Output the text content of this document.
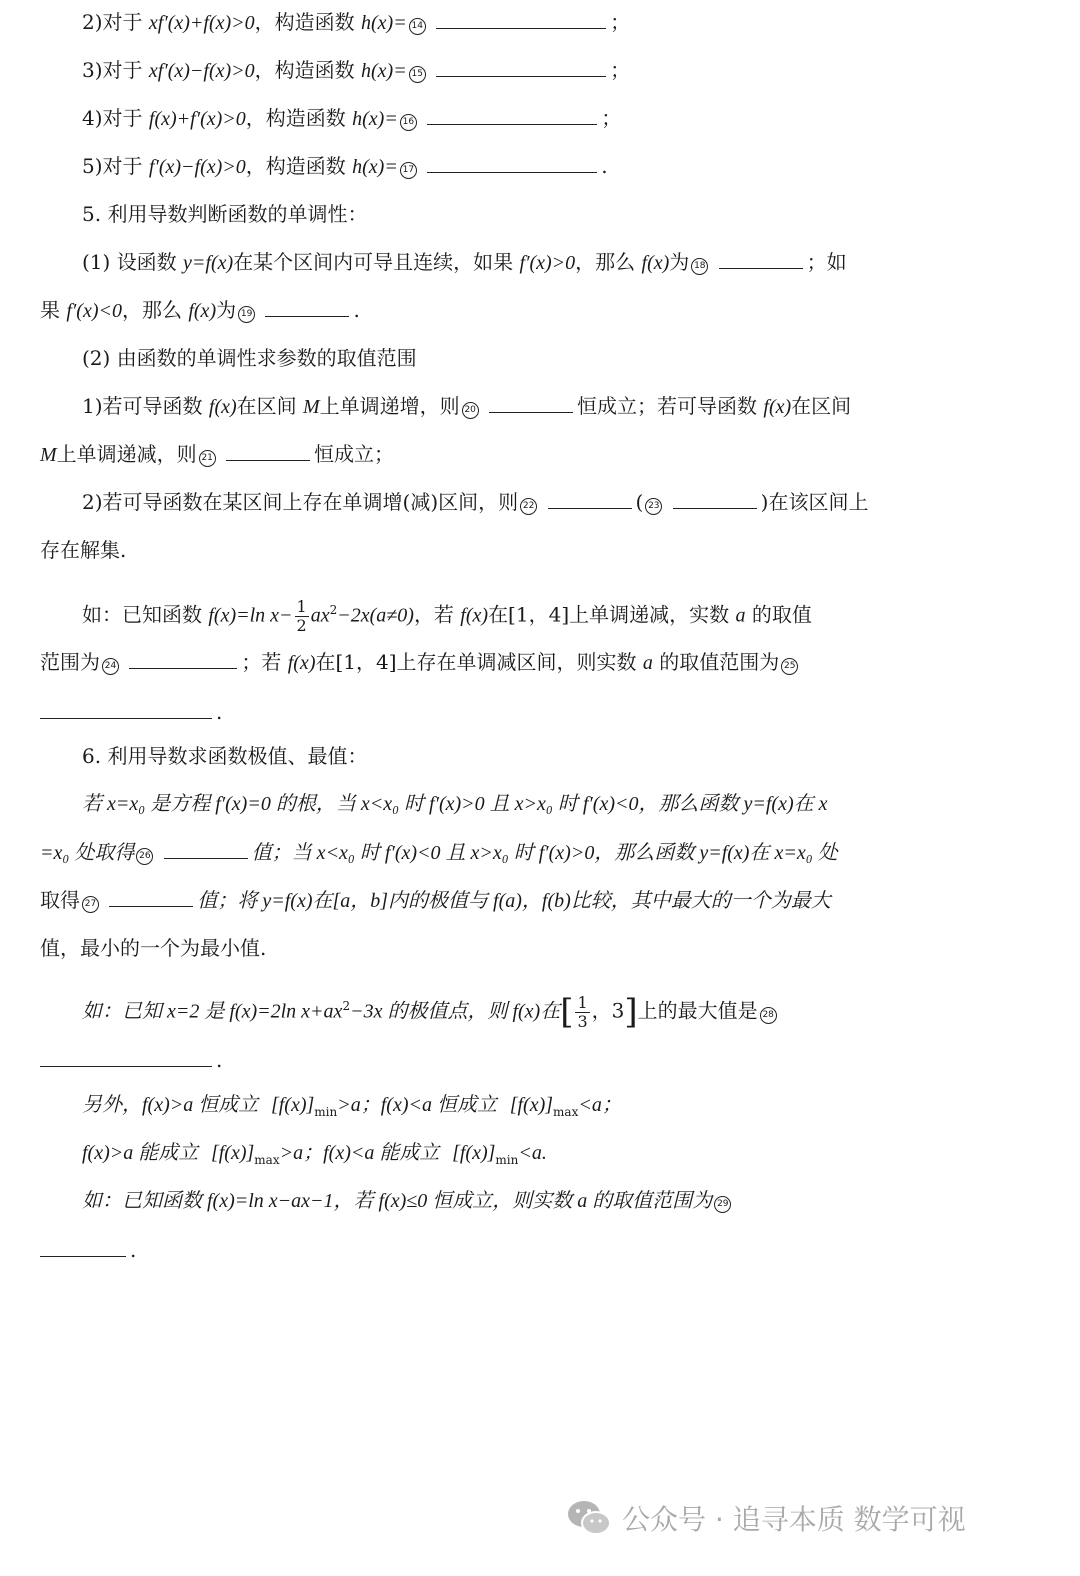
2)对于 xf′(x)+f(x)>0，构造函数 h(x)= 14	；
3)对于 xf′(x)−f(x)>0，构造函数 h(x)= 15	；
4)对于 f(x)+f′(x)>0，构造函数 h(x)= 16	；
5)对于 f′(x)−f(x)>0，构造函数 h(x)= 17	.
5. 利用导数判断函数的单调性：
(1) 设函数 y=f(x)在某个区间内可导且连续，如果 f′(x)>0，那么 f(x)为 18	；如
果 f′(x)<0，那么 f(x)为 19	.
(2) 由函数的单调性求参数的取值范围
1)若可导函数 f(x)在区间 M上单调递增，则 20	恒成立；若可导函数 f(x)在区间
M上单调递减，则 21	恒成立；
2)若可导函数在某区间上存在单调增(减)区间，则 22	( 23	)在该区间上
存在解集.
如：已知函数 f(x)=ln $x- \frac{1}{2} ax^2-2x(a\ne 0)$，若 f(x)在[1，4]上单调递减，实数 a 的取值
范围为 24	；若 f(x)在[1，4]上存在单调减区间，则实数 a 的取值范围为 25
.
6. 利用导数求函数极值、最值：
若 x=x₀ 是方程 f′(x)=0 的根，当 x<x₀ 时 f′(x)>0 且 x>x₀ 时 f′(x)<0，那么函数 y=f(x)在 x
=x₀ 处取得 26	值；当 x<x₀ 时 f′(x)<0 且 x>x₀ 时 f′(x)>0，那么函数 y=f(x)在 x=x₀ 处
取得 27	值；将 y=f(x)在[a，b]内的极值与 f(a)，f(b)比较，其中最大的一个为最大
值，最小的一个为最小值.
如：已知 x=2 是 f(x)=2ln $x+ax^2-3x$ 的极值点，则 f(x)在[ $\frac{1}{3}$ ，3]上的最大值是 28
.
另外，f(x)>a 恒成立 $[f(x)]_{min}>a$；f(x)<a 恒成立 $[f(x)]_{max}<a$；
f(x)>a 能成立 $[f(x)]_{max}>a$；f(x)<a 能成立 $[f(x)]_{min}<a$.
如：已知函数 f(x)=ln x−ax−1，若 f(x)≤0 恒成立，则实数 a 的取值范围为 29
.
公众号 · 追寻本质 数学可视
